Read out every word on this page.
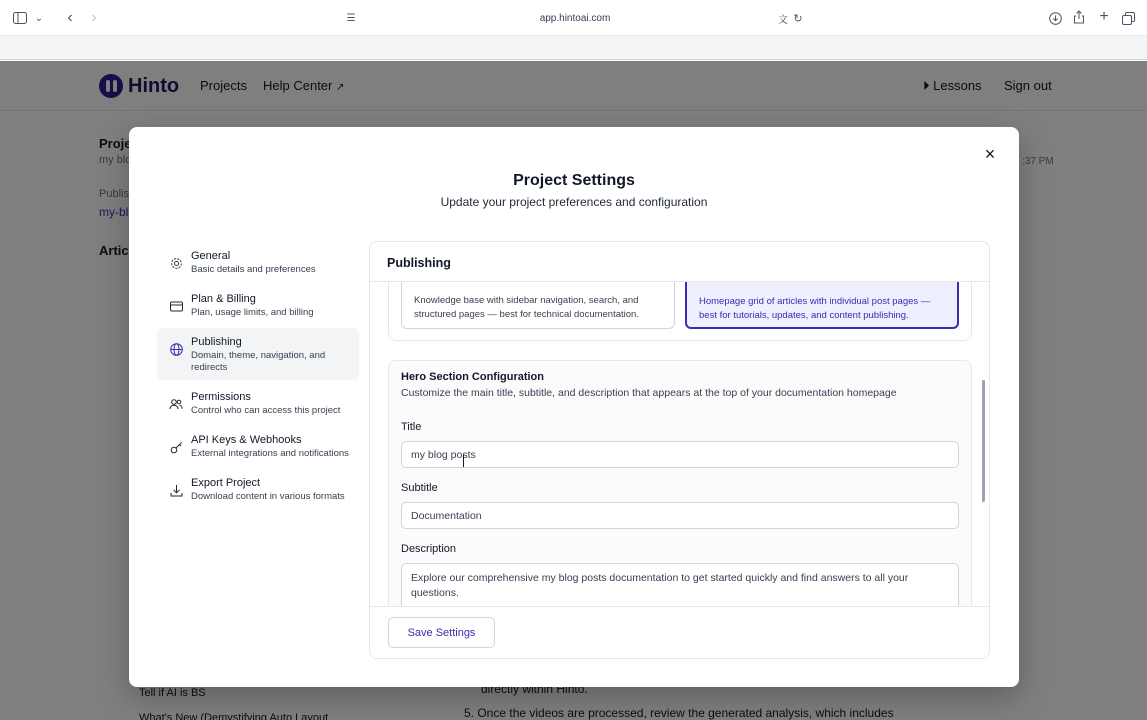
⌄	‹	›	☰	app.hintoai.com	文 ↻	+
×
Project Settings
Update your project preferences and configuration
General
Basic details and preferences
Plan & Billing
Plan, usage limits, and billing
Publishing
Domain, theme, navigation, and redirects
Permissions
Control who can access this project
API Keys & Webhooks
External integrations and notifications
Export Project
Download content in various formats
Publishing
Knowledge base with sidebar navigation, search, and structured pages — best for technical documentation.
Homepage grid of articles with individual post pages — best for tutorials, updates, and content publishing.
Hero Section Configuration
Customize the main title, subtitle, and description that appears at the top of your documentation homepage
Title
my blog posts
Subtitle
Documentation
Description
Explore our comprehensive my blog posts documentation to get started quickly and find answers to all your questions.
Save Settings
